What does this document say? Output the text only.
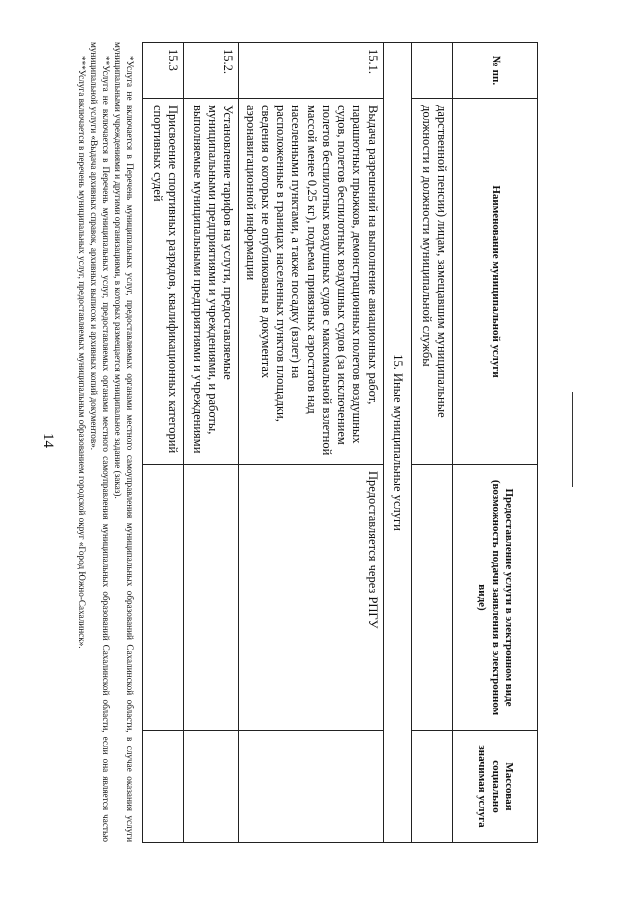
14
№ пп.	Наименование муниципальной услуги	Предоставление услуги в электронном виде (возможность подачи заявления в электронном виде)	Массовая социально значимая услуга
	дарственной пенсии) лицам, замещавшим муниципальные должности и должности муниципальной службы		
15. Иные муниципальные услуги			
15.1.	Выдача разрешений на выполнение авиационных работ, парашютных прыжков, демонстрационных полетов воздушных судов, полетов беспилотных воздушных судов (за исключением полетов беспилотных воздушных судов с максимальной взлетной массой менее 0,25 кг), подъема привязных аэростатов над населенными пунктами, а также посадку (взлет) на расположенные в границах населенных пунктов площадки, сведения о которых не опубликованы в документах аэронавигационной информации	Предоставляется через РПГУ	
15.2.	Установление тарифов на услуги, предоставляемые муниципальными предприятиями и учреждениями, и работы, выполняемые муниципальными предприятиями и учреждениями		
15.3	Присвоение спортивных разрядов, квалификационных категорий спортивных судей		

*Услуга не включается в Перечень муниципальных услуг, предоставляемых органами местного самоуправления муниципальных образований Сахалинской области, в случае оказания услуги муниципальными учреждениями и другими организациями, в которых размещается муниципальное задание (заказ).

**Услуга не включается в Перечень муниципальных услуг, предоставляемых органами местного самоуправления муниципальных образований Сахалинской области, если она является частью муниципальной услуги «Выдача архивных справок, архивных выписок и архивных копий документов».

***Услуга включается в перечень муниципальных услуг, предоставляемых муниципальным образованием городской округ «Город Южно-Сахалинск».
